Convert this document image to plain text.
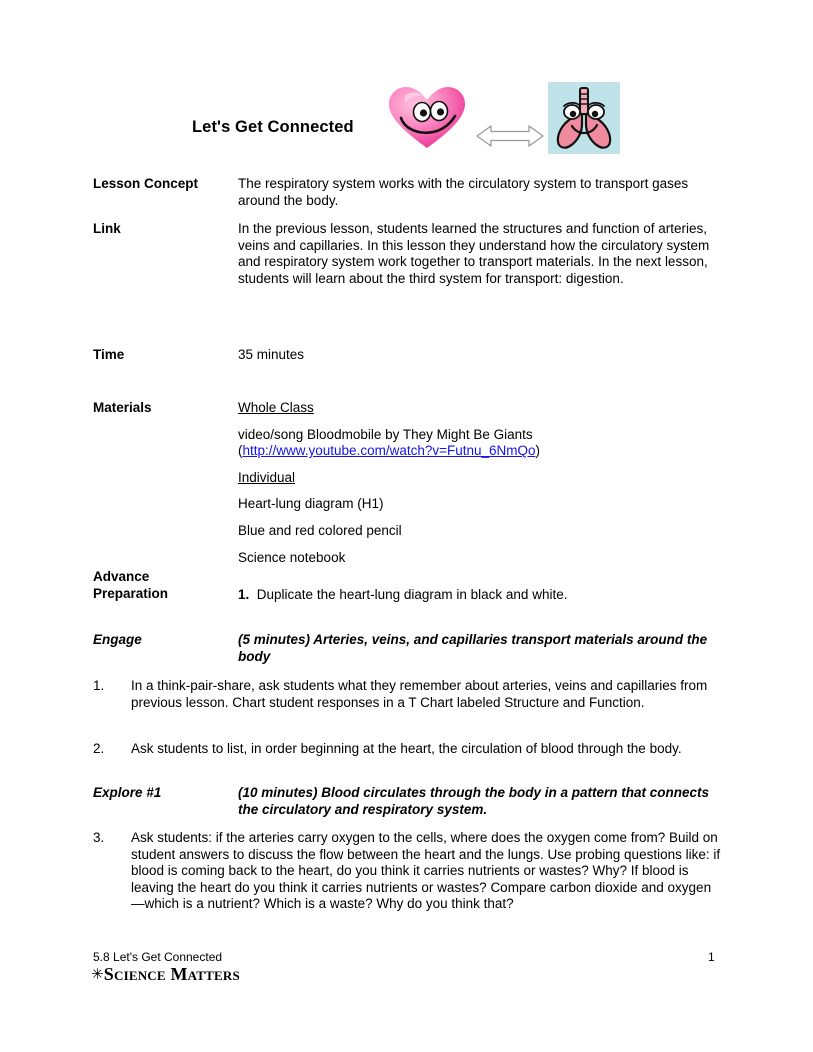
Let's Get Connected
Lesson Concept	The respiratory system works with the circulatory system to transport gases around the body.
Link	In the previous lesson, students learned the structures and function of arteries, veins and capillaries. In this lesson they understand how the circulatory system and respiratory system work together to transport materials. In the next lesson, students will learn about the third system for transport: digestion.
Time	35 minutes
Materials	Whole Class
video/song Bloodmobile by They Might Be Giants
(http://www.youtube.com/watch?v=Futnu_6NmQo)
Individual
Heart-lung diagram (H1)
Blue and red colored pencil
Science notebook
Advance
Preparation	1. Duplicate the heart-lung diagram in black and white.
Engage	(5 minutes) Arteries, veins, and capillaries transport materials around the body
1.	In a think-pair-share, ask students what they remember about arteries, veins and capillaries from previous lesson. Chart student responses in a T Chart labeled Structure and Function.
2.	Ask students to list, in order beginning at the heart, the circulation of blood through the body.
Explore #1	(10 minutes) Blood circulates through the body in a pattern that connects the circulatory and respiratory system.
3.	Ask students: if the arteries carry oxygen to the cells, where does the oxygen come from? Build on student answers to discuss the flow between the heart and the lungs. Use probing questions like: if blood is coming back to the heart, do you think it carries nutrients or wastes? Why? If blood is leaving the heart do you think it carries nutrients or wastes? Compare carbon dioxide and oxygen—which is a nutrient? Which is a waste? Why do you think that?
5.8 Let's Get Connected
✳Science Matters
1
